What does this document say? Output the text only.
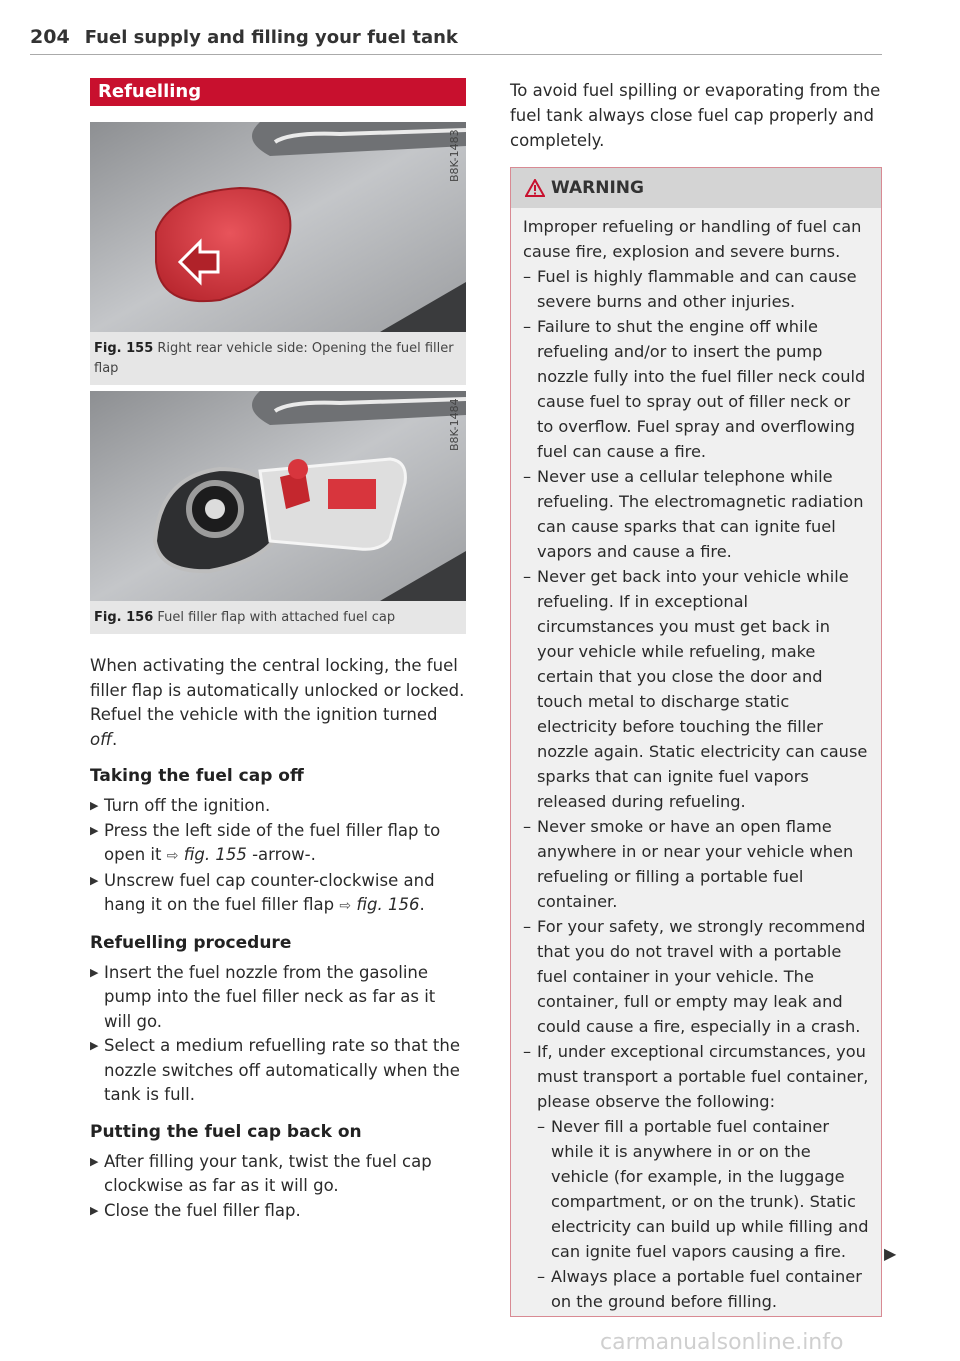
204 Fuel supply and filling your fuel tank
Refuelling
B8K-1483
Fig. 155 Right rear vehicle side: Opening the fuel filler flap
B8K-1484
Fig. 156 Fuel filler flap with attached fuel cap

When activating the central locking, the fuel filler flap is automatically unlocked or locked. Refuel the vehicle with the ignition turned off.

Taking the fuel cap off
▶ Turn off the ignition.
▶ Press the left side of the fuel filler flap to open it ⇨ fig. 155 -arrow-.
▶ Unscrew fuel cap counter-clockwise and hang it on the fuel filler flap ⇨ fig. 156.
Refuelling procedure
▶ Insert the fuel nozzle from the gasoline pump into the fuel filler neck as far as it will go.
▶ Select a medium refuelling rate so that the nozzle switches off automatically when the tank is full.
Putting the fuel cap back on
▶ After filling your tank, twist the fuel cap clockwise as far as it will go.
▶ Close the fuel filler flap.

To avoid fuel spilling or evaporating from the fuel tank always close fuel cap properly and completely.

WARNING
Improper refueling or handling of fuel can cause fire, explosion and severe burns.
– Fuel is highly flammable and can cause severe burns and other injuries.
– Failure to shut the engine off while refueling and/or to insert the pump nozzle fully into the fuel filler neck could cause fuel to spray out of filler neck or to overflow. Fuel spray and overflowing fuel can cause a fire.
– Never use a cellular telephone while refueling. The electromagnetic radiation can cause sparks that can ignite fuel vapors and cause a fire.
– Never get back into your vehicle while refueling. If in exceptional circumstances you must get back in your vehicle while refueling, make certain that you close the door and touch metal to discharge static electricity before touching the filler nozzle again. Static electricity can cause sparks that can ignite fuel vapors released during refueling.
– Never smoke or have an open flame anywhere in or near your vehicle when refueling or filling a portable fuel container.
– For your safety, we strongly recommend that you do not travel with a portable fuel container in your vehicle. The container, full or empty may leak and could cause a fire, especially in a crash.
– If, under exceptional circumstances, you must transport a portable fuel container, please observe the following:
– Never fill a portable fuel container while it is anywhere in or on the vehicle (for example, in the luggage compartment, or on the trunk). Static electricity can build up while filling and can ignite fuel vapors causing a fire.
– Always place a portable fuel container on the ground before filling.
▶
carmanualsonline.info
